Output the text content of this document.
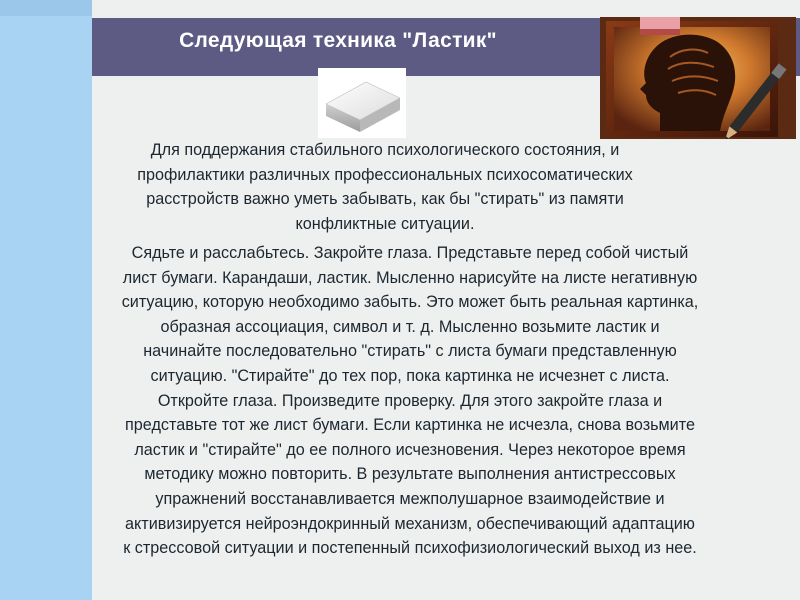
Следующая техника "Ластик"

Для поддержания стабильного психологического состояния, и
профилактики различных профессиональных психосоматических
расстройств важно уметь забывать, как бы "стирать" из памяти
конфликтные ситуации.

Сядьте и расслабьтесь. Закройте глаза. Представьте перед собой чистый
лист бумаги. Карандаши, ластик. Мысленно нарисуйте на листе негативную
ситуацию, которую необходимо забыть. Это может быть реальная картинка,
образная ассоциация, символ и т. д. Мысленно возьмите ластик и
начинайте последовательно "стирать" с листа бумаги представленную
ситуацию. "Стирайте" до тех пор, пока картинка не исчезнет с листа.
Откройте глаза. Произведите проверку. Для этого закройте глаза и
представьте тот же лист бумаги. Если картинка не исчезла, снова возьмите
ластик и "стирайте" до ее полного исчезновения. Через некоторое время
методику можно повторить. В результате выполнения антистрессовых
упражнений восстанавливается межполушарное взаимодействие и
активизируется нейроэндокринный механизм, обеспечивающий адаптацию
к стрессовой ситуации и постепенный психофизиологический выход из нее.
